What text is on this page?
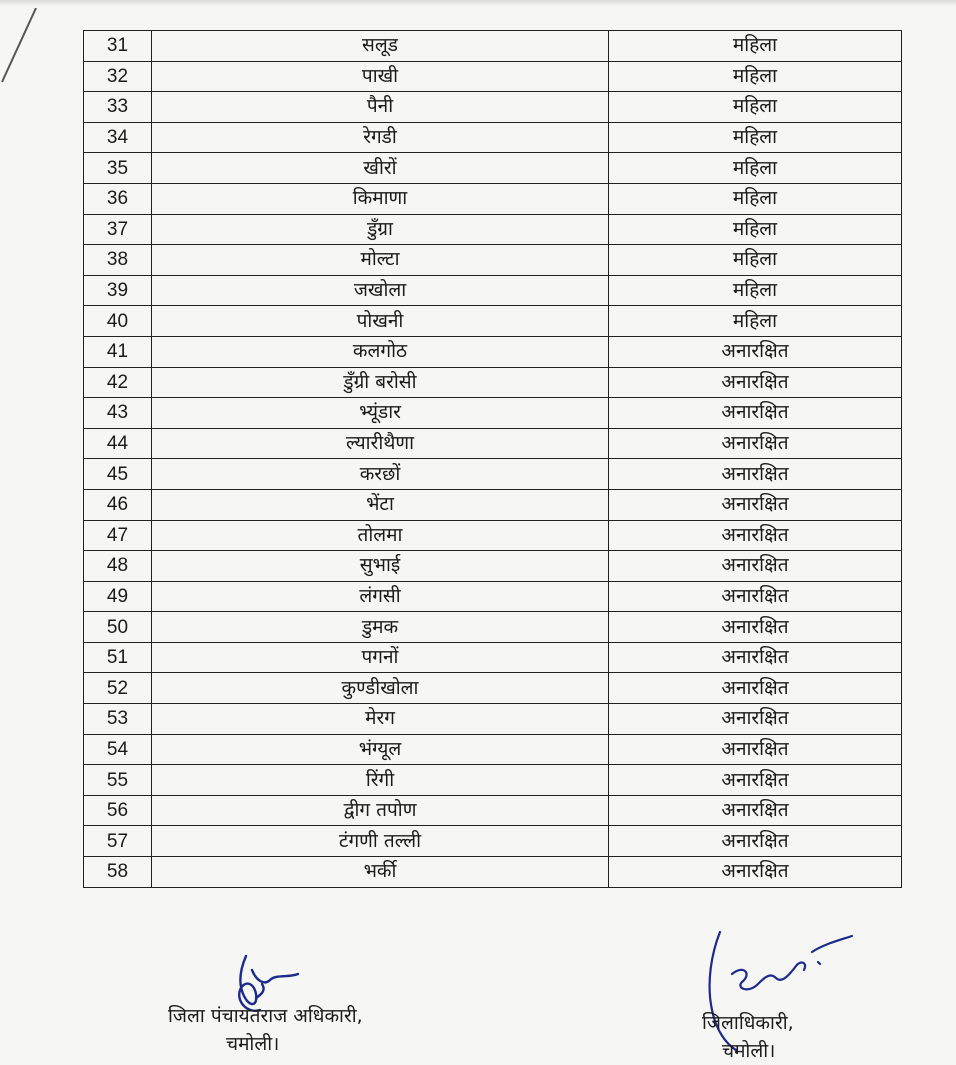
31	सलूड	महिला
32	पाखी	महिला
33	पैनी	महिला
34	रेगडी	महिला
35	खीरों	महिला
36	किमाणा	महिला
37	डुँग्रा	महिला
38	मोल्टा	महिला
39	जखोला	महिला
40	पोखनी	महिला
41	कलगोठ	अनारक्षित
42	डुँग्री बरोसी	अनारक्षित
43	भ्यूंडार	अनारक्षित
44	ल्यारीथैणा	अनारक्षित
45	करछों	अनारक्षित
46	भेंटा	अनारक्षित
47	तोलमा	अनारक्षित
48	सुभाई	अनारक्षित
49	लंगसी	अनारक्षित
50	डुमक	अनारक्षित
51	पगनों	अनारक्षित
52	कुण्डीखोला	अनारक्षित
53	मेरग	अनारक्षित
54	भंग्यूल	अनारक्षित
55	रिंगी	अनारक्षित
56	द्वीग तपोण	अनारक्षित
57	टंगणी तल्ली	अनारक्षित
58	भर्की	अनारक्षित
जिला पंचायतराज अधिकारी,
चमोली।
जिलाधिकारी,
चमोली।
